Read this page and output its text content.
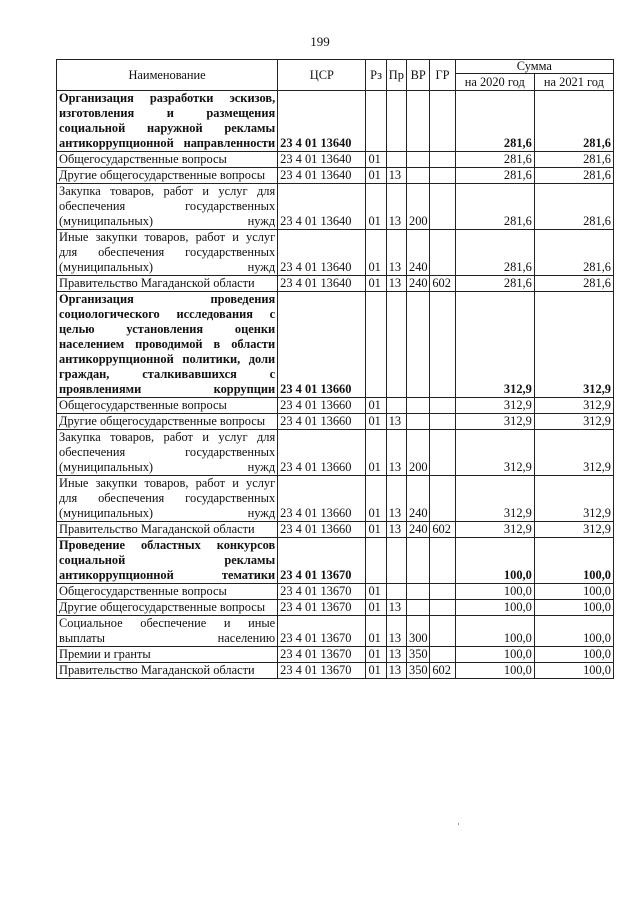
199
Наименование	ЦСР	Рз	Пр	ВР	ГР	Сумма	
						на 2020 год	на 2021 год
Организация разработки эскизов, изготовления и размещения социальной наружной рекламы антикоррупционной направленности	23 4 01 13640					281,6	281,6
Общегосударственные вопросы	23 4 01 13640	01				281,6	281,6
Другие общегосударственные вопросы	23 4 01 13640	01	13			281,6	281,6
Закупка товаров, работ и услуг для обеспечения государственных (муниципальных) нужд	23 4 01 13640	01	13	200		281,6	281,6
Иные закупки товаров, работ и услуг для обеспечения государственных (муниципальных) нужд	23 4 01 13640	01	13	240		281,6	281,6
Правительство Магаданской области	23 4 01 13640	01	13	240	602	281,6	281,6
Организация проведения социологического исследования с целью установления оценки населением проводимой в области антикоррупционной политики, доли граждан, сталкивавшихся с проявлениями коррупции	23 4 01 13660					312,9	312,9
Общегосударственные вопросы	23 4 01 13660	01				312,9	312,9
Другие общегосударственные вопросы	23 4 01 13660	01	13			312,9	312,9
Закупка товаров, работ и услуг для обеспечения государственных (муниципальных) нужд	23 4 01 13660	01	13	200		312,9	312,9
Иные закупки товаров, работ и услуг для обеспечения государственных (муниципальных) нужд	23 4 01 13660	01	13	240		312,9	312,9
Правительство Магаданской области	23 4 01 13660	01	13	240	602	312,9	312,9
Проведение областных конкурсов социальной рекламы антикоррупционной тематики	23 4 01 13670					100,0	100,0
Общегосударственные вопросы	23 4 01 13670	01				100,0	100,0
Другие общегосударственные вопросы	23 4 01 13670	01	13			100,0	100,0
Социальное обеспечение и иные выплаты населению	23 4 01 13670	01	13	300		100,0	100,0
Премии и гранты	23 4 01 13670	01	13	350		100,0	100,0
Правительство Магаданской области	23 4 01 13670	01	13	350	602	100,0	100,0
